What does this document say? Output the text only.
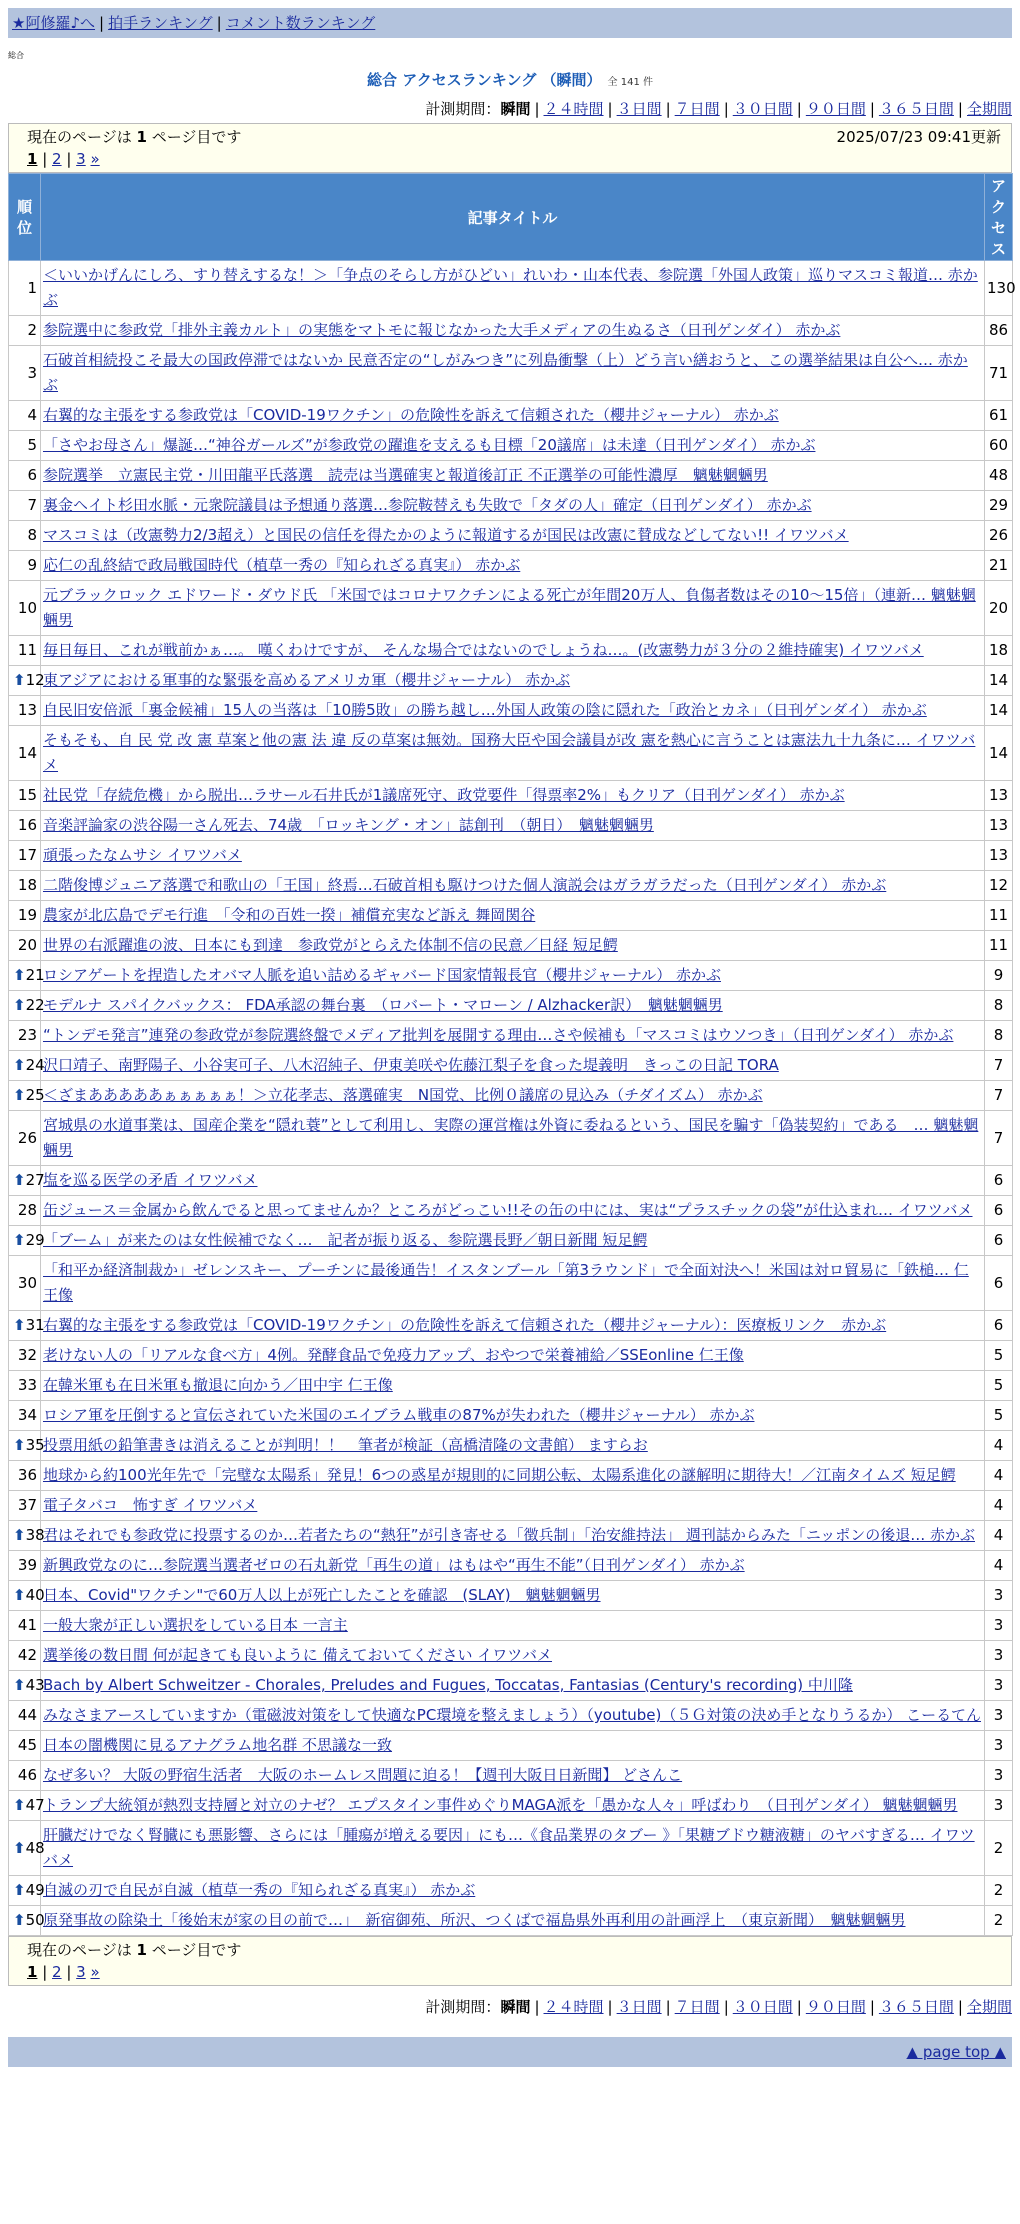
★阿修羅♪へ | 拍手ランキング | コメント数ランキング
総合
総合 アクセスランキング （瞬間） 全 141 件
計測期間：瞬間 | ２４時間 | ３日間 | ７日間 | ３０日間 | ９０日間 | ３６５日間 | 全期間
現在のページは 1 ページ目です	2025/07/23 09:41更新
1 | 2 | 3 »
順位	記事タイトル	アクセス
1	＜いいかげんにしろ、すり替えするな！＞「争点のそらし方がひどい」れいわ・山本代表、参院選「外国人政策」巡りマスコミ報道… 赤かぶ	130
2	参院選中に参政党「排外主義カルト」の実態をマトモに報じなかった大手メディアの生ぬるさ（日刊ゲンダイ） 赤かぶ	86
3	石破首相続投こそ最大の国政停滞ではないか 民意否定の“しがみつき”に列島衝撃（上）どう言い繕おうと、この選挙結果は自公へ… 赤かぶ	71
4	右翼的な主張をする参政党は「COVID-19ワクチン」の危険性を訴えて信頼された（櫻井ジャーナル） 赤かぶ	61
5	「さやお母さん」爆誕…“神谷ガールズ”が参政党の躍進を支えるも目標「20議席」は未達（日刊ゲンダイ） 赤かぶ	60
6	参院選挙　立憲民主党・川田龍平氏落選　読売は当選確実と報道後訂正 不正選挙の可能性濃厚　魑魅魍魎男	48
7	裏金ヘイト杉田水脈・元衆院議員は予想通り落選…参院鞍替えも失敗で「タダの人」確定（日刊ゲンダイ） 赤かぶ	29
8	マスコミは（改憲勢力2/3超え）と国民の信任を得たかのように報道するが国民は改憲に賛成などしてない!! イワツバメ	26
9	応仁の乱終結で政局戦国時代（植草一秀の『知られざる真実』） 赤かぶ	21
10	元ブラックロック エドワード・ダウド氏 「米国ではコロナワクチンによる死亡が年間20万人、負傷者数はその10～15倍」（連新… 魑魅魍魎男	20
11	毎日毎日、これが戦前かぁ…。 嘆くわけですが、 そんな場合ではないのでしょうね…。(改憲勢力が３分の２維持確実) イワツバメ	18

⬆ 12	東アジアにおける軍事的な緊張を高めるアメリカ軍（櫻井ジャーナル） 赤かぶ	14
13	自民旧安倍派「裏金候補」15人の当落は「10勝5敗」の勝ち越し…外国人政策の陰に隠れた「政治とカネ」（日刊ゲンダイ） 赤かぶ	14
14	そもそも、自 民 党 改 憲 草案と他の憲 法 違 反の草案は無効。国務大臣や国会議員が改 憲を熱心に言うことは憲法九十九条に… イワツバメ	14
15	社民党「存続危機」から脱出…ラサール石井氏が1議席死守、政党要件「得票率2%」もクリア（日刊ゲンダイ） 赤かぶ	13
16	音楽評論家の渋谷陽一さん死去、74歳　「ロッキング・オン」誌創刊　（朝日）　魑魅魍魎男	13
17	頑張ったなムサシ イワツバメ	13
18	二階俊博ジュニア落選で和歌山の「王国」終焉…石破首相も駆けつけた個人演説会はガラガラだった（日刊ゲンダイ） 赤かぶ	12
19	農家が北広島でデモ行進　「令和の百姓一揆」補償充実など訴え 舞岡関谷	11
20	世界の右派躍進の波、日本にも到達　参政党がとらえた体制不信の民意／日経 短足鰐	11

⬆ 21	ロシアゲートを捏造したオバマ人脈を追い詰めるギャバード国家情報長官（櫻井ジャーナル） 赤かぶ	9

⬆ 22	モデルナ スパイクバックス： FDA承認の舞台裏　（ロバート・マローン / Alzhacker訳）　魑魅魍魎男	8
23	“トンデモ発言”連発の参政党が参院選終盤でメディア批判を展開する理由…さや候補も「マスコミはウソつき」（日刊ゲンダイ） 赤かぶ	8

⬆ 24	沢口靖子、南野陽子、小谷実可子、八木沼純子、伊東美咲や佐藤江梨子を食った堤義明　きっこの日記 TORA	7

⬆ 25	＜ざまあああああぁぁぁぁぁ！＞立花孝志、落選確実　N国党、比例０議席の見込み（チダイズム） 赤かぶ	7
26	宮城県の水道事業は、国産企業を“隠れ蓑”として利用し、実際の運営権は外資に委ねるという、国民を騙す「偽装契約」である　… 魑魅魍魎男	7

⬆ 27	塩を巡る医学の矛盾 イワツバメ	6
28	缶ジュース＝金属から飲んでると思ってませんか？ところがどっこい!!その缶の中には、実は“プラスチックの袋”が仕込まれ… イワツバメ	6

⬆ 29	「ブーム」が来たのは女性候補でなく…　記者が振り返る、参院選長野／朝日新聞 短足鰐	6
30	「和平か経済制裁か」ゼレンスキー、プーチンに最後通告！イスタンブール「第3ラウンド」で全面対決へ！米国は対ロ貿易に「鉄槌… 仁王像	6

⬆ 31	右翼的な主張をする参政党は「COVID-19ワクチン」の危険性を訴えて信頼された（櫻井ジャーナル）：医療板リンク　赤かぶ	6
32	老けない人の「リアルな食べ方」4例。発酵食品で免疫力アップ、おやつで栄養補給／SSEonline 仁王像	5
33	在韓米軍も在日米軍も撤退に向かう／田中宇 仁王像	5
34	ロシア軍を圧倒すると宣伝されていた米国のエイブラム戦車の87%が失われた（櫻井ジャーナル） 赤かぶ	5

⬆ 35	投票用紙の鉛筆書きは消えることが判明！！　筆者が検証（高橋清隆の文書館） ますらお	4
36	地球から約100光年先で「完璧な太陽系」発見！6つの惑星が規則的に同期公転、太陽系進化の謎解明に期待大！／江南タイムズ 短足鰐	4
37	電子タバコ　怖すぎ イワツバメ	4

⬆ 38	君はそれでも参政党に投票するのか…若者たちの“熱狂”が引き寄せる「徴兵制」「治安維持法」 週刊誌からみた「ニッポンの後退… 赤かぶ	4
39	新興政党なのに…参院選当選者ゼロの石丸新党「再生の道」はもはや“再生不能”（日刊ゲンダイ） 赤かぶ	4

⬆ 40	日本、Covid"ワクチン"で60万人以上が死亡したことを確認　(SLAY)　魑魅魍魎男	3
41	一般大衆が正しい選択をしている日本 一言主	3
42	選挙後の数日間 何が起きても良いように 備えておいてください イワツバメ	3

⬆ 43	Bach by Albert Schweitzer - Chorales, Preludes and Fugues, Toccatas, Fantasias (Century's recording) 中川隆	3
44	みなさまアースしていますか（電磁波対策をして快適なPC環境を整えましょう）（youtube)（５Ｇ対策の決め手となりうるか） こーるてん	3
45	日本の闇機関に見るアナグラム地名群 不思議な一致	3
46	なぜ多い？ 大阪の野宿生活者　大阪のホームレス問題に迫る！【週刊大阪日日新聞】 どさんこ	3

⬆ 47	トランプ大統領が熱烈支持層と対立のナゼ？ エプスタイン事件めぐりMAGA派を「愚かな人々」呼ばわり　（日刊ゲンダイ） 魑魅魍魎男	3

⬆ 48	肝臓だけでなく腎臓にも悪影響、さらには「腫瘍が増える要因」にも…《食品業界のタブー 》「果糖ブドウ糖液糖」のヤバすぎる… イワツバメ	2

⬆ 49	自滅の刃で自民が自滅（植草一秀の『知られざる真実』） 赤かぶ	2

⬆ 50	原発事故の除染土「後始末が家の目の前で…」　新宿御苑、所沢、つくばで福島県外再利用の計画浮上　（東京新聞）　魑魅魍魎男	2
現在のページは 1 ページ目です
1 | 2 | 3 »
計測期間：瞬間 | ２４時間 | ３日間 | ７日間 | ３０日間 | ９０日間 | ３６５日間 | 全期間
▲ page top ▲
